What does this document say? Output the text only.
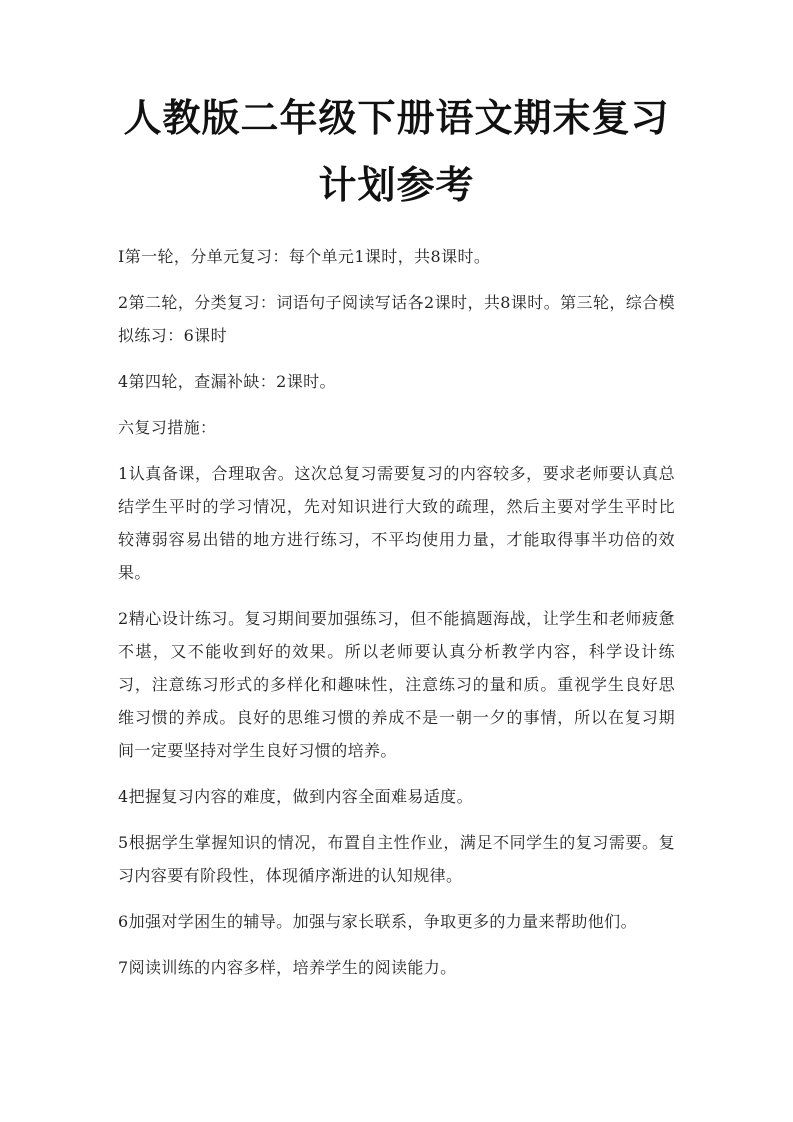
人教版二年级下册语文期末复习计划参考

I第一轮，分单元复习：每个单元1课时，共8课时。

2第二轮，分类复习：词语句子阅读写话各2课时，共8课时。第三轮，综合模拟练习：6课时

4第四轮，查漏补缺：2课时。

六复习措施：

1认真备课，合理取舍。这次总复习需要复习的内容较多，要求老师要认真总结学生平时的学习情况，先对知识进行大致的疏理，然后主要对学生平时比较薄弱容易出错的地方进行练习，不平均使用力量，才能取得事半功倍的效果。

2精心设计练习。复习期间要加强练习，但不能搞题海战，让学生和老师疲惫不堪，又不能收到好的效果。所以老师要认真分析教学内容，科学设计练习，注意练习形式的多样化和趣味性，注意练习的量和质。重视学生良好思维习惯的养成。良好的思维习惯的养成不是一朝一夕的事情，所以在复习期间一定要坚持对学生良好习惯的培养。

4把握复习内容的难度，做到内容全面难易适度。

5根据学生掌握知识的情况，布置自主性作业，满足不同学生的复习需要。复习内容要有阶段性，体现循序渐进的认知规律。

6加强对学困生的辅导。加强与家长联系，争取更多的力量来帮助他们。

7阅读训练的内容多样，培养学生的阅读能力。
